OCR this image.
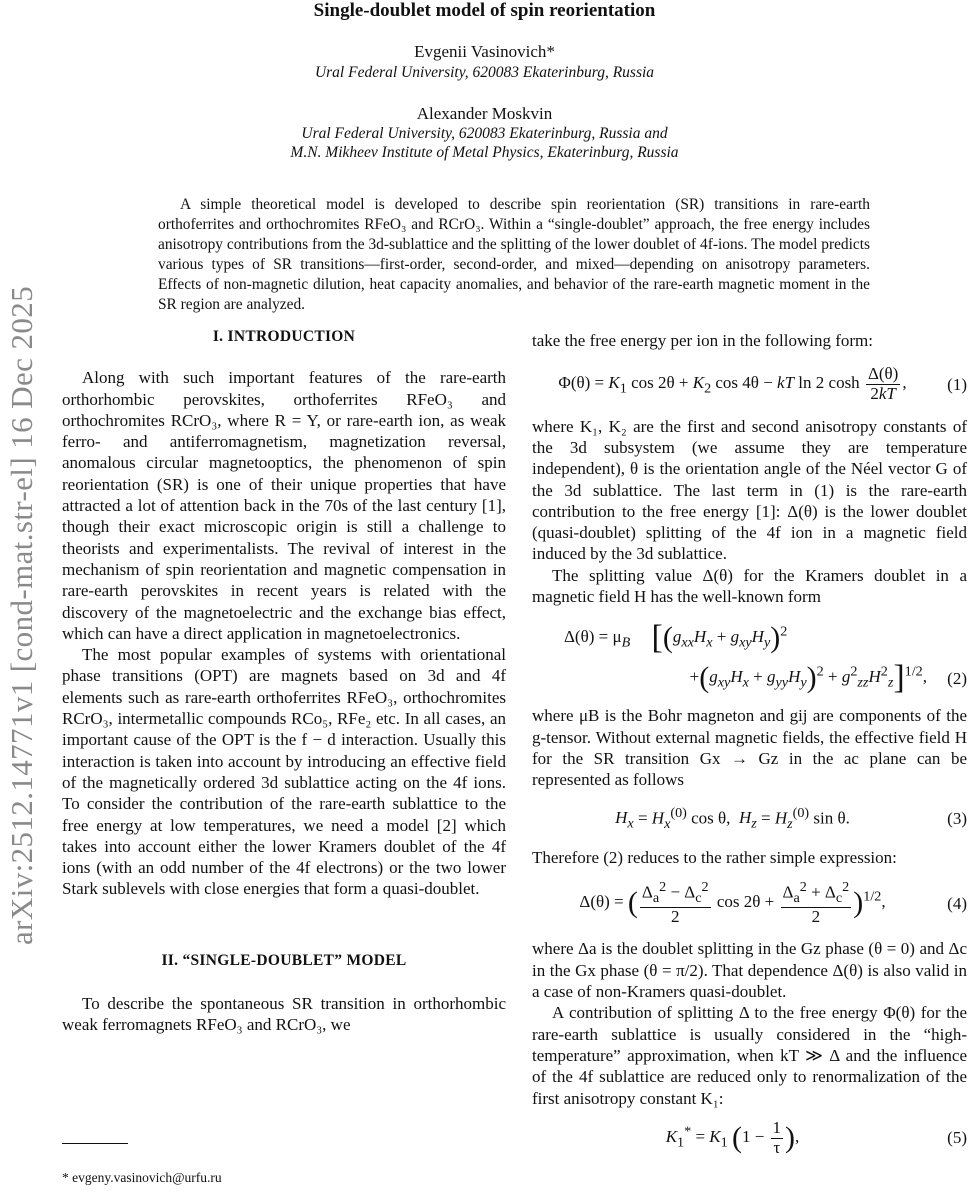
arXiv:2512.14771v1 [cond-mat.str-el] 16 Dec 2025
Single-doublet model of spin reorientation
Evgenii Vasinovich*
Ural Federal University, 620083 Ekaterinburg, Russia
Alexander Moskvin
Ural Federal University, 620083 Ekaterinburg, Russia and
M.N. Mikheev Institute of Metal Physics, Ekaterinburg, Russia

A simple theoretical model is developed to describe spin reorientation (SR) transitions in rare-earth orthoferrites and orthochromites RFeO₃ and RCrO₃. Within a “single-doublet” approach, the free energy includes anisotropy contributions from the 3d-sublattice and the splitting of the lower doublet of 4f-ions. The model predicts various types of SR transitions—first-order, second-order, and mixed—depending on anisotropy parameters. Effects of non-magnetic dilution, heat capacity anomalies, and behavior of the rare-earth magnetic moment in the SR region are analyzed.

I. INTRODUCTION

Along with such important features of the rare-earth orthorhombic perovskites, orthoferrites RFeO₃ and orthochromites RCrO₃, where R = Y, or rare-earth ion, as weak ferro- and antiferromagnetism, magnetization reversal, anomalous circular magnetooptics, the phenomenon of spin reorientation (SR) is one of their unique properties that have attracted a lot of attention back in the 70s of the last century [1], though their exact microscopic origin is still a challenge to theorists and experimentalists. The revival of interest in the mechanism of spin reorientation and magnetic compensation in rare-earth perovskites in recent years is related with the discovery of the magnetoelectric and the exchange bias effect, which can have a direct application in magnetoelectronics.

The most popular examples of systems with orientational phase transitions (OPT) are magnets based on 3d and 4f elements such as rare-earth orthoferrites RFeO₃, orthochromites RCrO₃, intermetallic compounds RCo₅, RFe₂ etc. In all cases, an important cause of the OPT is the f − d interaction. Usually this interaction is taken into account by introducing an effective field of the magnetically ordered 3d sublattice acting on the 4f ions. To consider the contribution of the rare-earth sublattice to the free energy at low temperatures, we need a model [2] which takes into account either the lower Kramers doublet of the 4f ions (with an odd number of the 4f electrons) or the two lower Stark sublevels with close energies that form a quasi-doublet.

II. “SINGLE-DOUBLET” MODEL

To describe the spontaneous SR transition in orthorhombic weak ferromagnets RFeO₃ and RCrO₃, we

take the free energy per ion in the following form:

$\Phi(\theta) = K_1$ $\cos 2\theta + K_2$ cos 4θ − kT ln 2 $\cosh \frac{\Delta(\theta)}{2kT}$ ,	(1)

where K₁, K₂ are the first and second anisotropy constants of the 3d subsystem (we assume they are temperature independent), θ is the orientation angle of the Néel vector G of the 3d sublattice. The last term in (1) is the rare-earth contribution to the free energy [1]: Δ(θ) is the lower doublet (quasi-doublet) splitting of the 4f ion in a magnetic field induced by the 3d sublattice.

The splitting value Δ(θ) for the Kramers doublet in a magnetic field H has the well-known form

$\Delta(\theta) = \mu_B$ [$(g_{xx}H_x + g_{xy}H_y)^2$
$+(g_{xy}H_x + g_{yy}H_y)^2 + g^2_{zz}H^2_z]^{1/2}$,	(2)

where μB is the Bohr magneton and gij are components of the g-tensor. Without external magnetic fields, the effective field H for the SR transition Gx → Gz in the ac plane can be represented as follows

$H_x = H_x^{(0)}$ cos θ,  $H_z = H_z^{(0)}$ sin θ.	(3)

Therefore (2) reduces to the rather simple expression:

Δ(θ) = ( $\frac{\Delta_a^2 - \Delta_c^2}{2}$ $\cos 2\theta + \frac{\Delta_a^2 + \Delta_c^2}{2} )^{1/2}$,	(4)

where Δa is the doublet splitting in the Gz phase (θ = 0) and Δc in the Gx phase (θ = π/2). That dependence Δ(θ) is also valid in a case of non-Kramers quasi-doublet.

A contribution of splitting Δ to the free energy Φ(θ) for the rare-earth sublattice is usually considered in the “high-temperature” approximation, when kT ≫ Δ and the influence of the 4f sublattice are reduced only to renormalization of the first anisotropy constant K₁:

$K_1^* = K_1$ ($1 - \frac{1}{\tau}$ ),	(5)
* evgeny.vasinovich@urfu.ru
